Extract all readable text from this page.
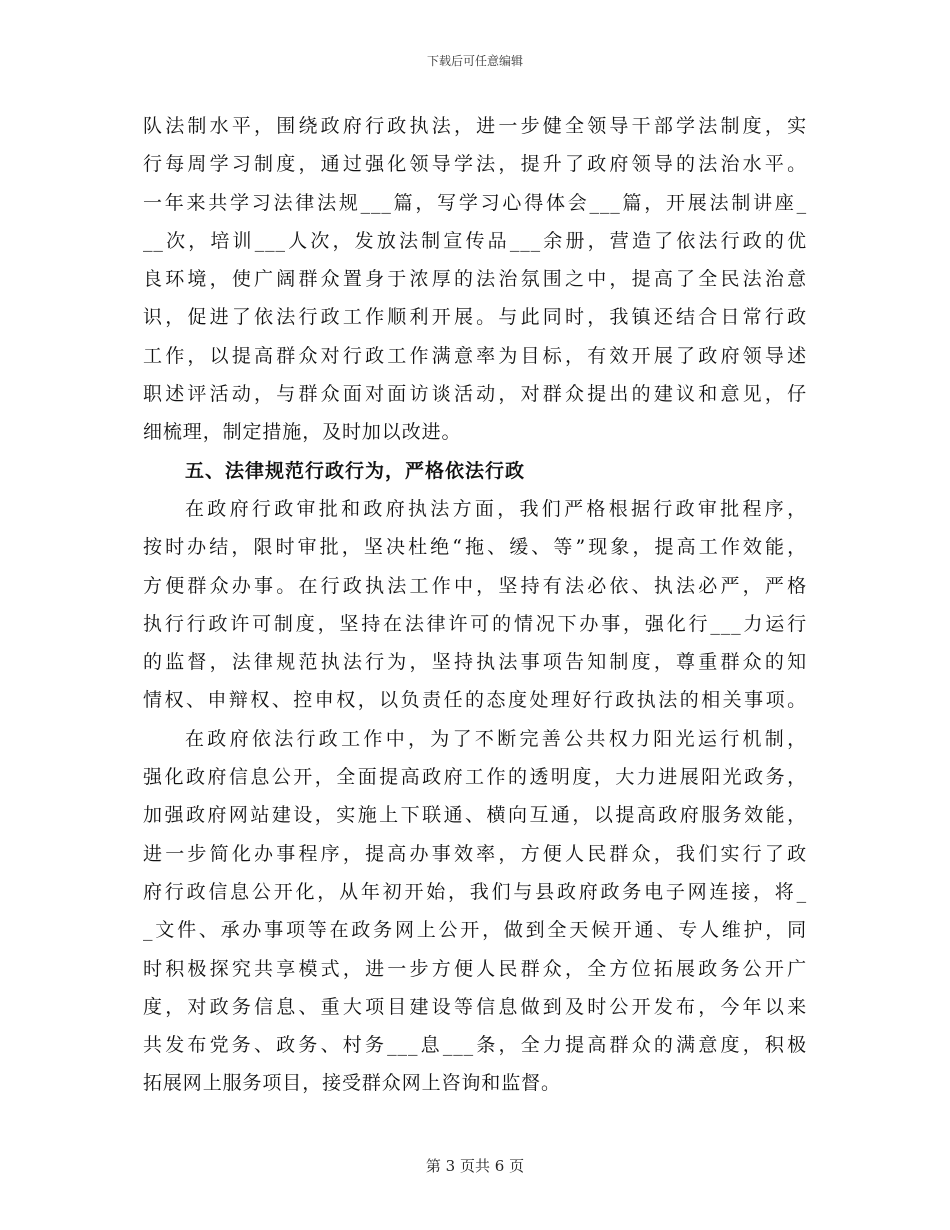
下载后可任意编辑
队法制水平，围绕政府行政执法，进一步健全领导干部学法制度，实
行每周学习制度，通过强化领导学法，提升了政府领导的法治水平。
一年来共学习法律法规___篇，写学习心得体会___篇，开展法制讲座_
__次，培训___人次，发放法制宣传品___余册，营造了依法行政的优
良环境，使广阔群众置身于浓厚的法治氛围之中，提高了全民法治意
识，促进了依法行政工作顺利开展。与此同时，我镇还结合日常行政
工作，以提高群众对行政工作满意率为目标，有效开展了政府领导述
职述评活动，与群众面对面访谈活动，对群众提出的建议和意见，仔
细梳理，制定措施，及时加以改进。
五、法律规范行政行为，严格依法行政
在政府行政审批和政府执法方面，我们严格根据行政审批程序，
按时办结，限时审批，坚决杜绝“拖、缓、等”现象，提高工作效能，
方便群众办事。在行政执法工作中，坚持有法必依、执法必严，严格
执行行政许可制度，坚持在法律许可的情况下办事，强化行___力运行
的监督，法律规范执法行为，坚持执法事项告知制度，尊重群众的知
情权、申辩权、控申权，以负责任的态度处理好行政执法的相关事项。
在政府依法行政工作中，为了不断完善公共权力阳光运行机制，
强化政府信息公开，全面提高政府工作的透明度，大力进展阳光政务，
加强政府网站建设，实施上下联通、横向互通，以提高政府服务效能，
进一步简化办事程序，提高办事效率，方便人民群众，我们实行了政
府行政信息公开化，从年初开始，我们与县政府政务电子网连接，将_
_文件、承办事项等在政务网上公开，做到全天候开通、专人维护，同
时积极探究共享模式，进一步方便人民群众，全方位拓展政务公开广
度，对政务信息、重大项目建设等信息做到及时公开发布，今年以来
共发布党务、政务、村务___息___条，全力提高群众的满意度，积极
拓展网上服务项目，接受群众网上咨询和监督。
第 3 页共 6 页
